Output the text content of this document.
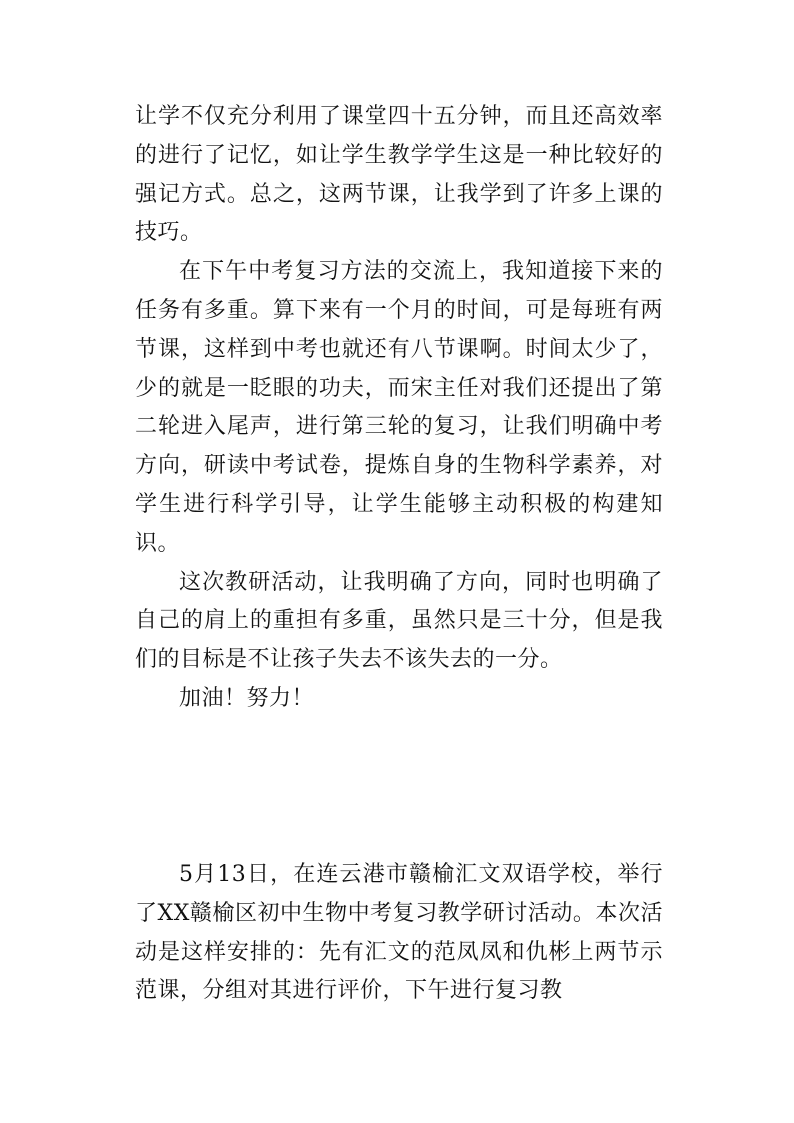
让学不仅充分利用了课堂四十五分钟，而且还高效率的进行了记忆，如让学生教学学生这是一种比较好的强记方式。总之，这两节课，让我学到了许多上课的技巧。

在下午中考复习方法的交流上，我知道接下来的任务有多重。算下来有一个月的时间，可是每班有两节课，这样到中考也就还有八节课啊。时间太少了，少的就是一眨眼的功夫，而宋主任对我们还提出了第二轮进入尾声，进行第三轮的复习，让我们明确中考方向，研读中考试卷，提炼自身的生物科学素养，对学生进行科学引导，让学生能够主动积极的构建知识。

这次教研活动，让我明确了方向，同时也明确了自己的肩上的重担有多重，虽然只是三十分，但是我们的目标是不让孩子失去不该失去的一分。

加油！努力！

5月13日，在连云港市赣榆汇文双语学校，举行了XX赣榆区初中生物中考复习教学研讨活动。本次活动是这样安排的：先有汇文的范凤凤和仇彬上两节示范课，分组对其进行评价，下午进行复习教
